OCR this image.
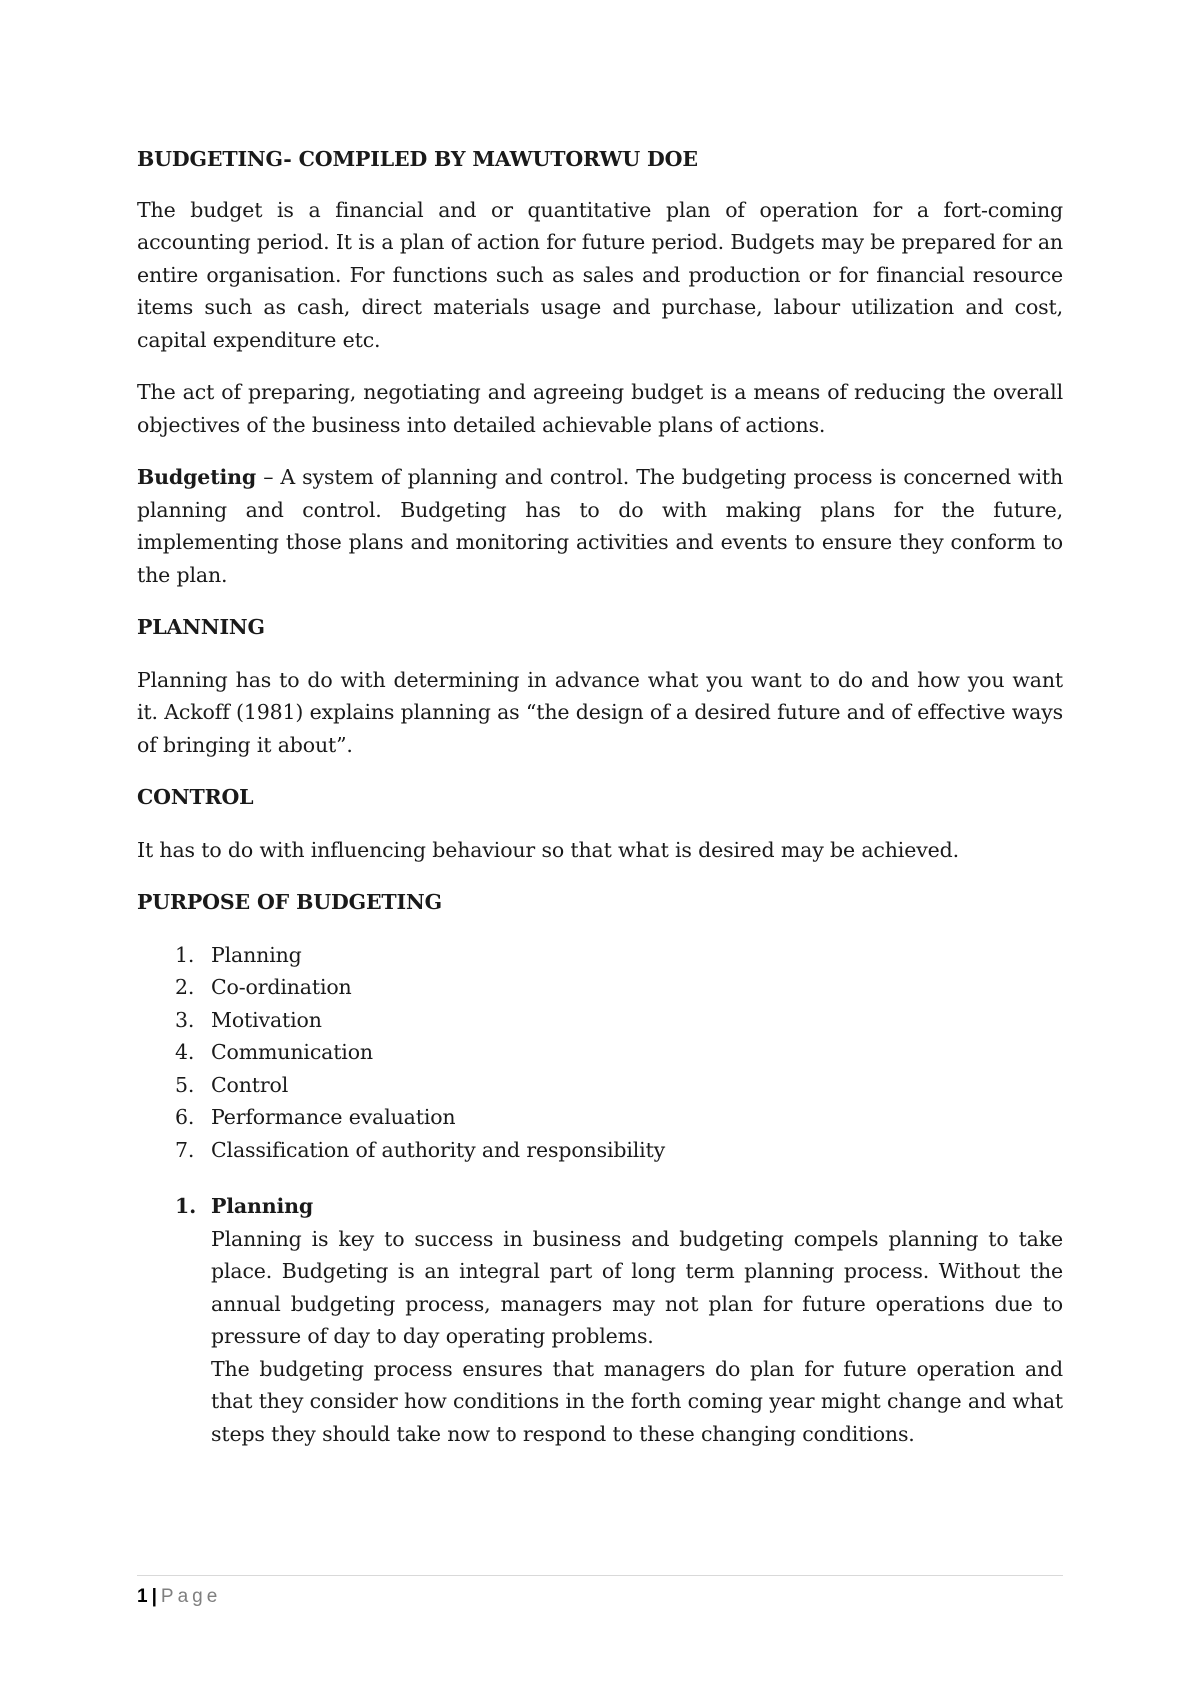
BUDGETING- COMPILED BY MAWUTORWU DOE

The budget is a financial and or quantitative plan of operation for a fort-coming accounting period. It is a plan of action for future period. Budgets may be prepared for an entire organisation. For functions such as sales and production or for financial resource items such as cash, direct materials usage and purchase, labour utilization and cost, capital expenditure etc.

The act of preparing, negotiating and agreeing budget is a means of reducing the overall objectives of the business into detailed achievable plans of actions.

Budgeting – A system of planning and control. The budgeting process is concerned with planning and control. Budgeting has to do with making plans for the future, implementing those plans and monitoring activities and events to ensure they conform to the plan.

PLANNING

Planning has to do with determining in advance what you want to do and how you want it. Ackoff (1981) explains planning as “the design of a desired future and of effective ways of bringing it about”.

CONTROL

It has to do with influencing behaviour so that what is desired may be achieved.

PURPOSE OF BUDGETING
1. Planning
2. Co-ordination
3. Motivation
4. Communication
5. Control
6. Performance evaluation
7. Classification of authority and responsibility
1. Planning

Planning is key to success in business and budgeting compels planning to take place. Budgeting is an integral part of long term planning process. Without the annual budgeting process, managers may not plan for future operations due to pressure of day to day operating problems.

The budgeting process ensures that managers do plan for future operation and that they consider how conditions in the forth coming year might change and what steps they should take now to respond to these changing conditions.

1 | Page
